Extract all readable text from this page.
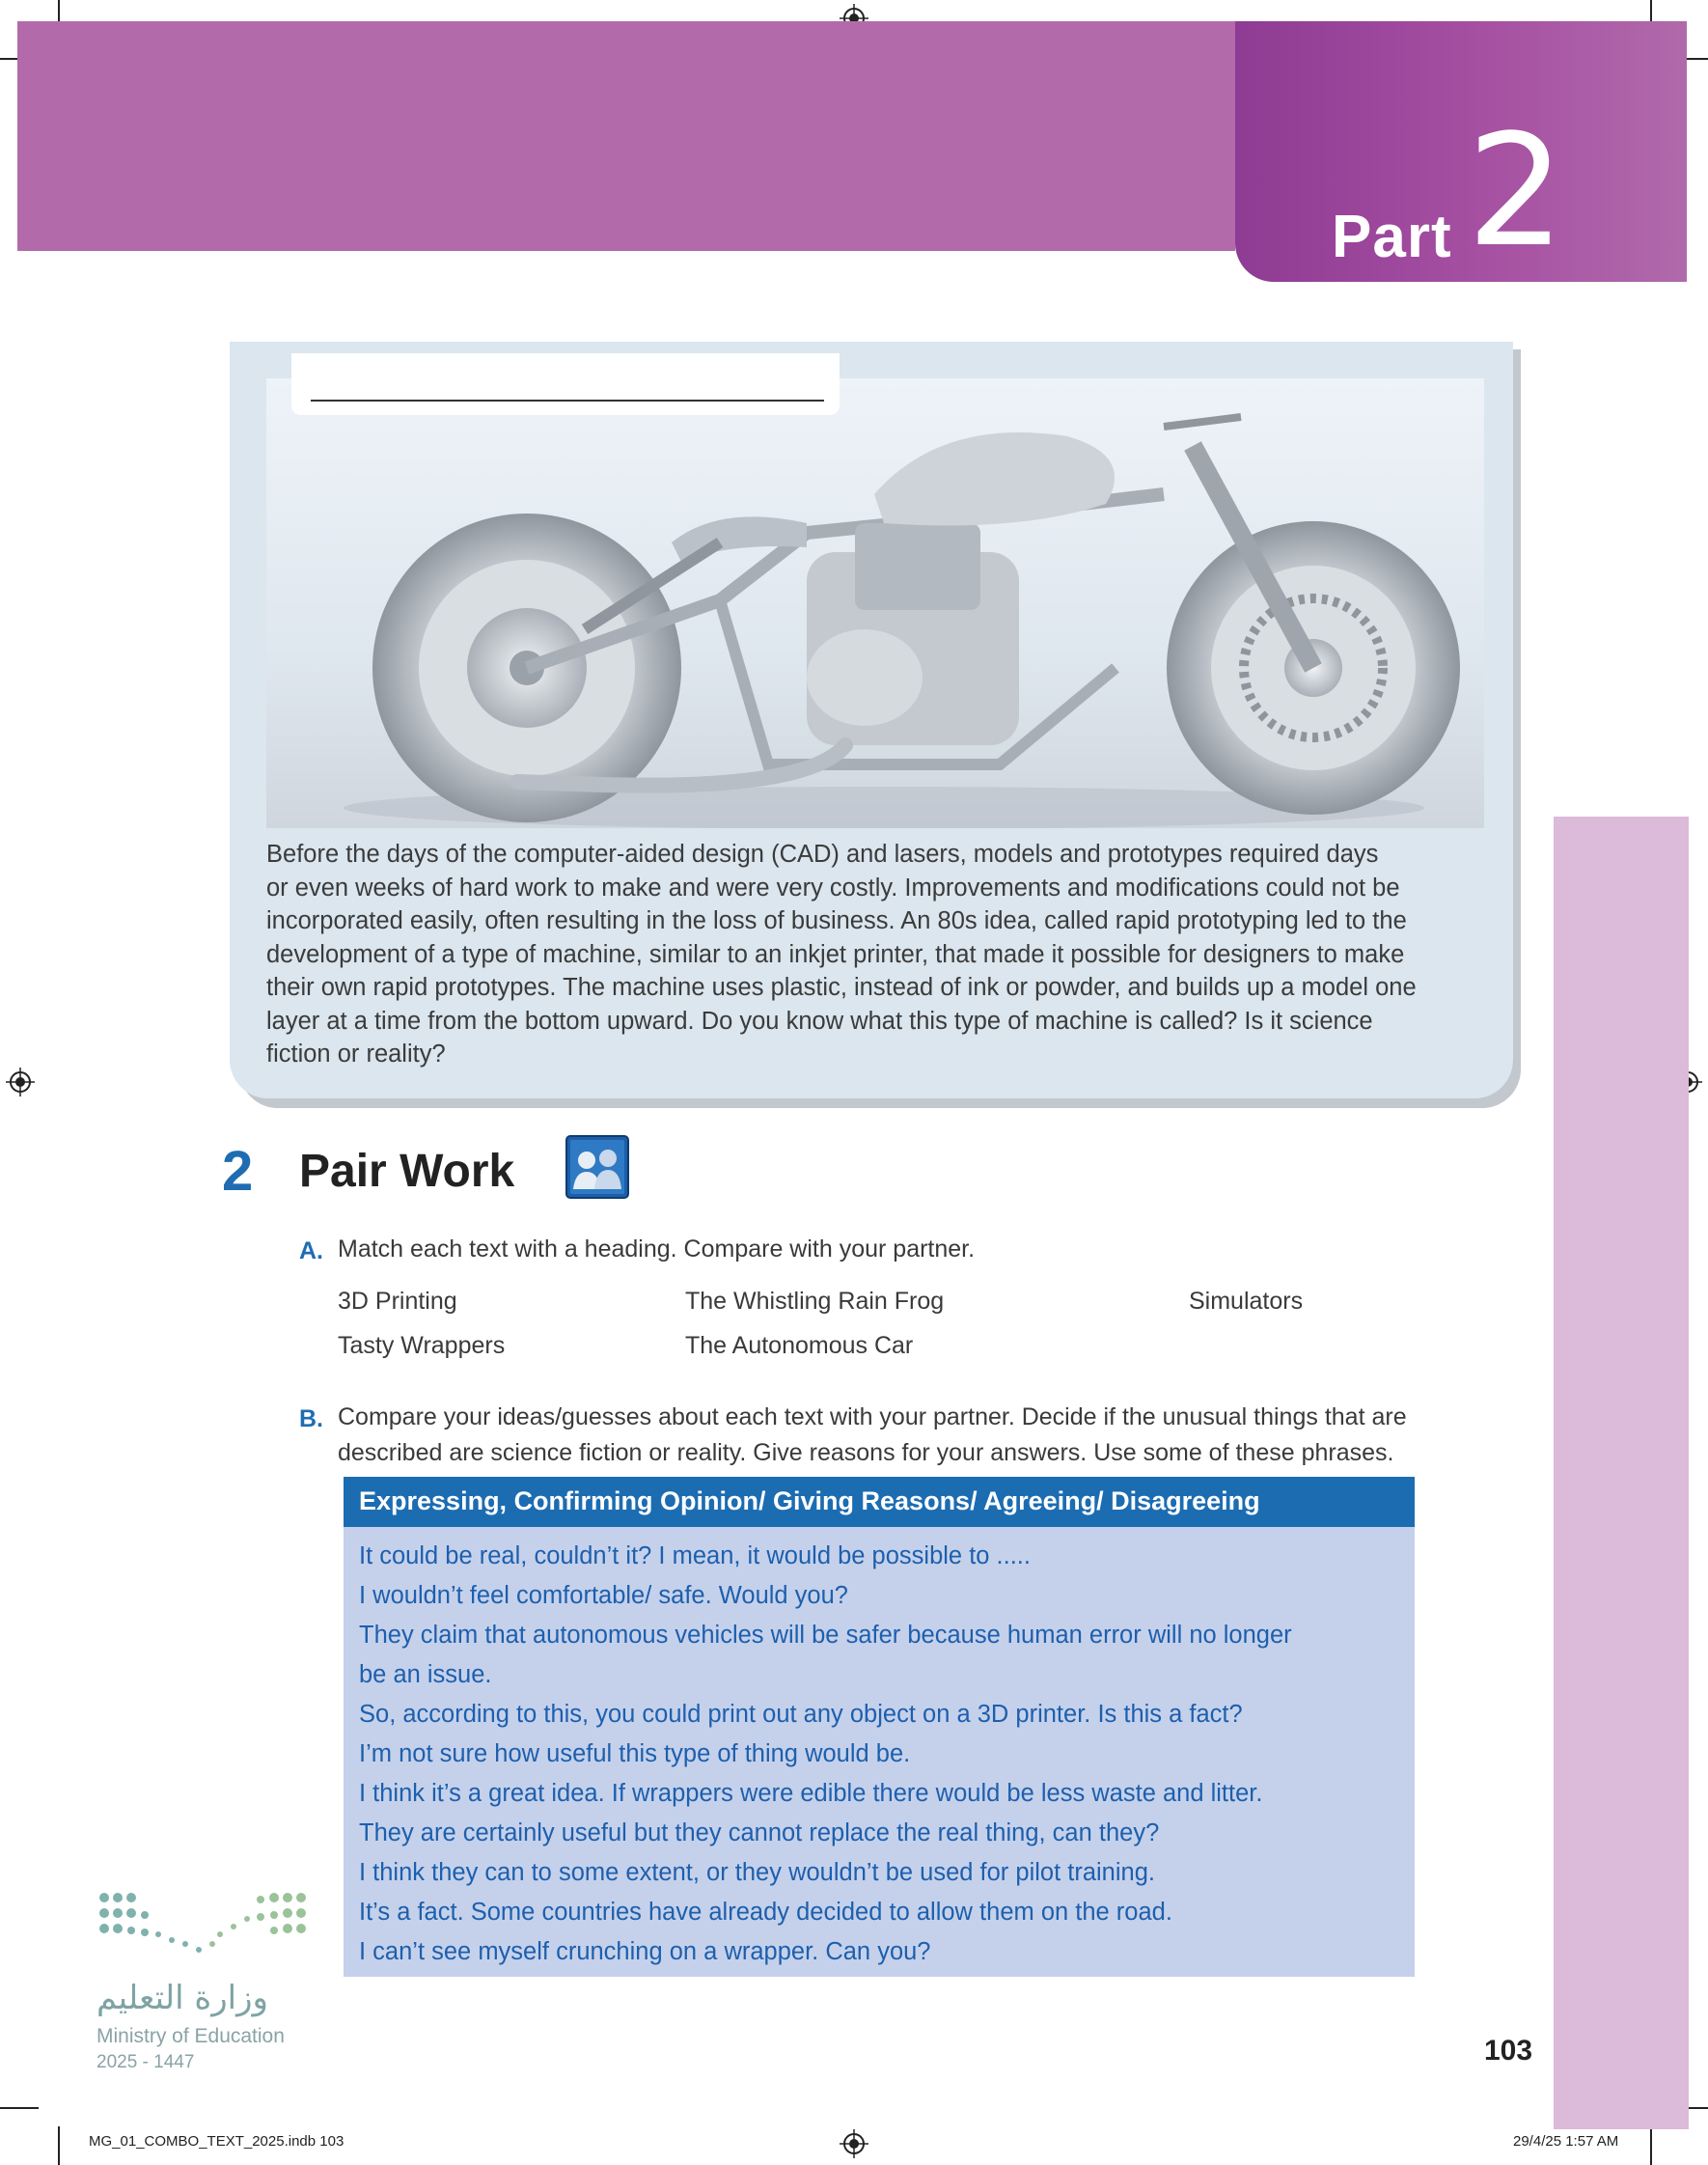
Part 2
Before the days of the computer-aided design (CAD) and lasers, models and prototypes required days
or even weeks of hard work to make and were very costly. Improvements and modifications could not be
incorporated easily, often resulting in the loss of business. An 80s idea, called rapid prototyping led to the
development of a type of machine, similar to an inkjet printer, that made it possible for designers to make
their own rapid prototypes. The machine uses plastic, instead of ink or powder, and builds up a model one
layer at a time from the bottom upward. Do you know what this type of machine is called? Is it science
fiction or reality?
2 Pair Work
A. Match each text with a heading. Compare with your partner.
3D Printing	The Whistling Rain Frog	Simulators
Tasty Wrappers	The Autonomous Car
B. Compare your ideas/guesses about each text with your partner. Decide if the unusual things that are
described are science fiction or reality. Give reasons for your answers. Use some of these phrases.
Expressing, Confirming Opinion/ Giving Reasons/ Agreeing/ Disagreeing
It could be real, couldn’t it? I mean, it would be possible to .....
I wouldn’t feel comfortable/ safe. Would you?
They claim that autonomous vehicles will be safer because human error will no longer
be an issue.
So, according to this, you could print out any object on a 3D printer. Is this a fact?
I’m not sure how useful this type of thing would be.
I think it’s a great idea. If wrappers were edible there would be less waste and litter.
They are certainly useful but they cannot replace the real thing, can they?
I think they can to some extent, or they wouldn’t be used for pilot training.
It’s a fact. Some countries have already decided to allow them on the road.
I can’t see myself crunching on a wrapper. Can you?
وزارة التعليم
Ministry of Education
2025 - 1447	103
MG_01_COMBO_TEXT_2025.indb 103	29/4/25 1:57 AM
